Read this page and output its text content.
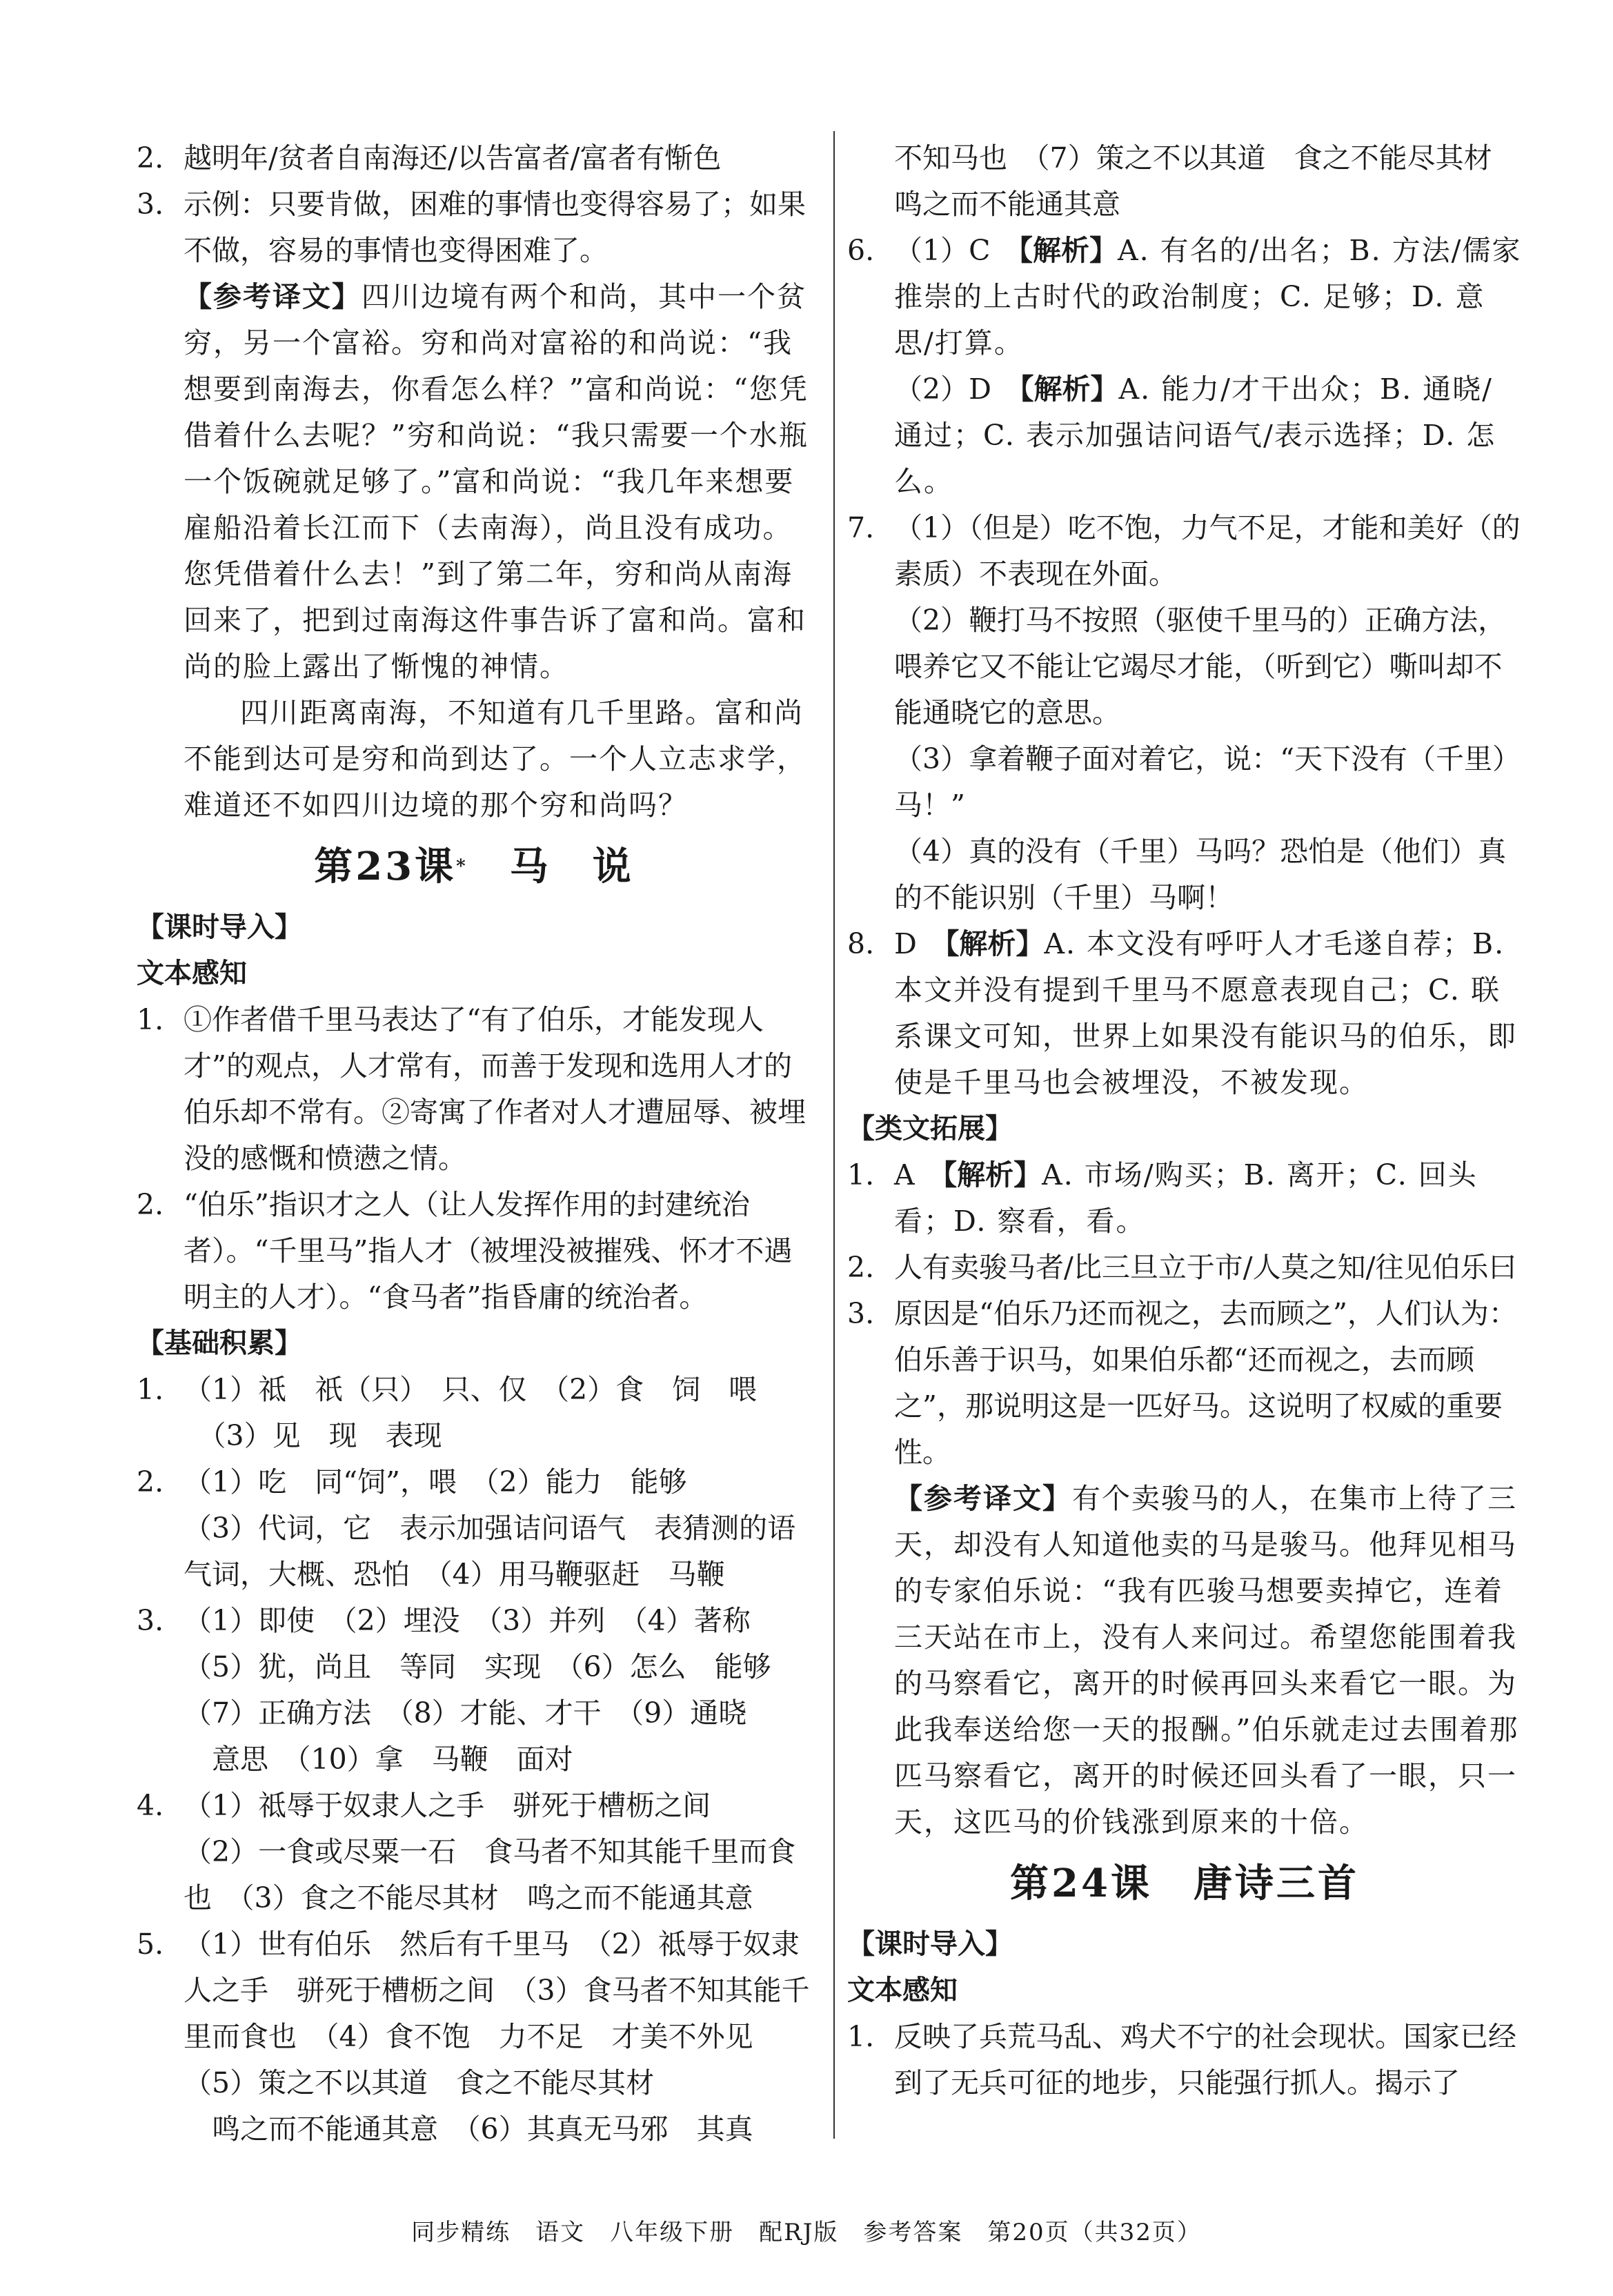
2. 越明年/贫者自南海还/以告富者/富者有惭色
3. 示例：只要肯做，困难的事情也变得容易了；如果不做，容易的事情也变得困难了。
【参考译文】四川边境有两个和尚，其中一个贫穷，另一个富裕。穷和尚对富裕的和尚说：“我想要到南海去，你看怎么样？”富和尚说：“您凭借着什么去呢？”穷和尚说：“我只需要一个水瓶一个饭碗就足够了。”富和尚说：“我几年来想要雇船沿着长江而下（去南海），尚且没有成功。您凭借着什么去！”到了第二年，穷和尚从南海回来了，把到过南海这件事告诉了富和尚。富和尚的脸上露出了惭愧的神情。
四川距离南海，不知道有几千里路。富和尚不能到达可是穷和尚到达了。一个人立志求学，难道还不如四川边境的那个穷和尚吗？
第23课*　 马　说
【课时导入】
文本感知
1. ①作者借千里马表达了“有了伯乐，才能发现人才”的观点，人才常有，而善于发现和选用人才的伯乐却不常有。②寄寓了作者对人才遭屈辱、被埋没的感慨和愤懑之情。
2. “伯乐”指识才之人（让人发挥作用的封建统治者）。“千里马”指人才（被埋没被摧残、怀才不遇明主的人才）。“食马者”指昏庸的统治者。
【基础积累】
1. （1）祗　祇（只）　只、仅　（2）食　饲　喂
　（3）见　现　表现
2. （1）吃　同“饲”，喂　（2）能力　能够
（3）代词，它　表示加强诘问语气　表猜测的语气词，大概、恐怕　（4）用马鞭驱赶　马鞭
3. （1）即使　（2）埋没　（3）并列　（4）著称
（5）犹，尚且　等同　实现　（6）怎么　能够
（7）正确方法　（8）才能、才干　（9）通晓
　意思　（10）拿　马鞭　面对
4. （1）祗辱于奴隶人之手　骈死于槽枥之间
（2）一食或尽粟一石　食马者不知其能千里而食也　（3）食之不能尽其材　鸣之而不能通其意
5. （1）世有伯乐　然后有千里马　（2）祗辱于奴隶人之手　骈死于槽枥之间　（3）食马者不知其能千里而食也　（4）食不饱　力不足　才美不外见　（5）策之不以其道　食之不能尽其材
　鸣之而不能通其意　（6）其真无马邪　其真
不知马也　（7）策之不以其道　食之不能尽其材　鸣之而不能通其意
6. （1）C　【解析】A. 有名的/出名；B. 方法/儒家推崇的上古时代的政治制度；C. 足够；D. 意思/打算。
（2）D　【解析】A. 能力/才干出众；B. 通晓/通过；C. 表示加强诘问语气/表示选择；D. 怎么。
7. （1）（但是）吃不饱，力气不足，才能和美好（的素质）不表现在外面。
（2）鞭打马不按照（驱使千里马的）正确方法，喂养它又不能让它竭尽才能，（听到它）嘶叫却不能通晓它的意思。
（3）拿着鞭子面对着它，说：“天下没有（千里）马！”
（4）真的没有（千里）马吗？恐怕是（他们）真的不能识别（千里）马啊！
8. D　【解析】A. 本文没有呼吁人才毛遂自荐；B. 本文并没有提到千里马不愿意表现自己；C. 联系课文可知，世界上如果没有能识马的伯乐，即使是千里马也会被埋没，不被发现。
【类文拓展】
1. A　【解析】A. 市场/购买；B. 离开；C. 回头看；D. 察看，看。
2. 人有卖骏马者/比三旦立于市/人莫之知/往见伯乐曰
3. 原因是“伯乐乃还而视之，去而顾之”，人们认为：伯乐善于识马，如果伯乐都“还而视之，去而顾之”，那说明这是一匹好马。这说明了权威的重要性。
【参考译文】有个卖骏马的人，在集市上待了三天，却没有人知道他卖的马是骏马。他拜见相马的专家伯乐说：“我有匹骏马想要卖掉它，连着三天站在市上，没有人来问过。希望您能围着我的马察看它，离开的时候再回头来看它一眼。为此我奉送给您一天的报酬。”伯乐就走过去围着那匹马察看它，离开的时候还回头看了一眼，只一天，这匹马的价钱涨到原来的十倍。
第24课　 唐诗三首
【课时导入】
文本感知
1. 反映了兵荒马乱、鸡犬不宁的社会现状。国家已经到了无兵可征的地步，只能强行抓人。揭示了
同步精练　语文　八年级下册　配RJ版　参考答案　第20页（共32页）
